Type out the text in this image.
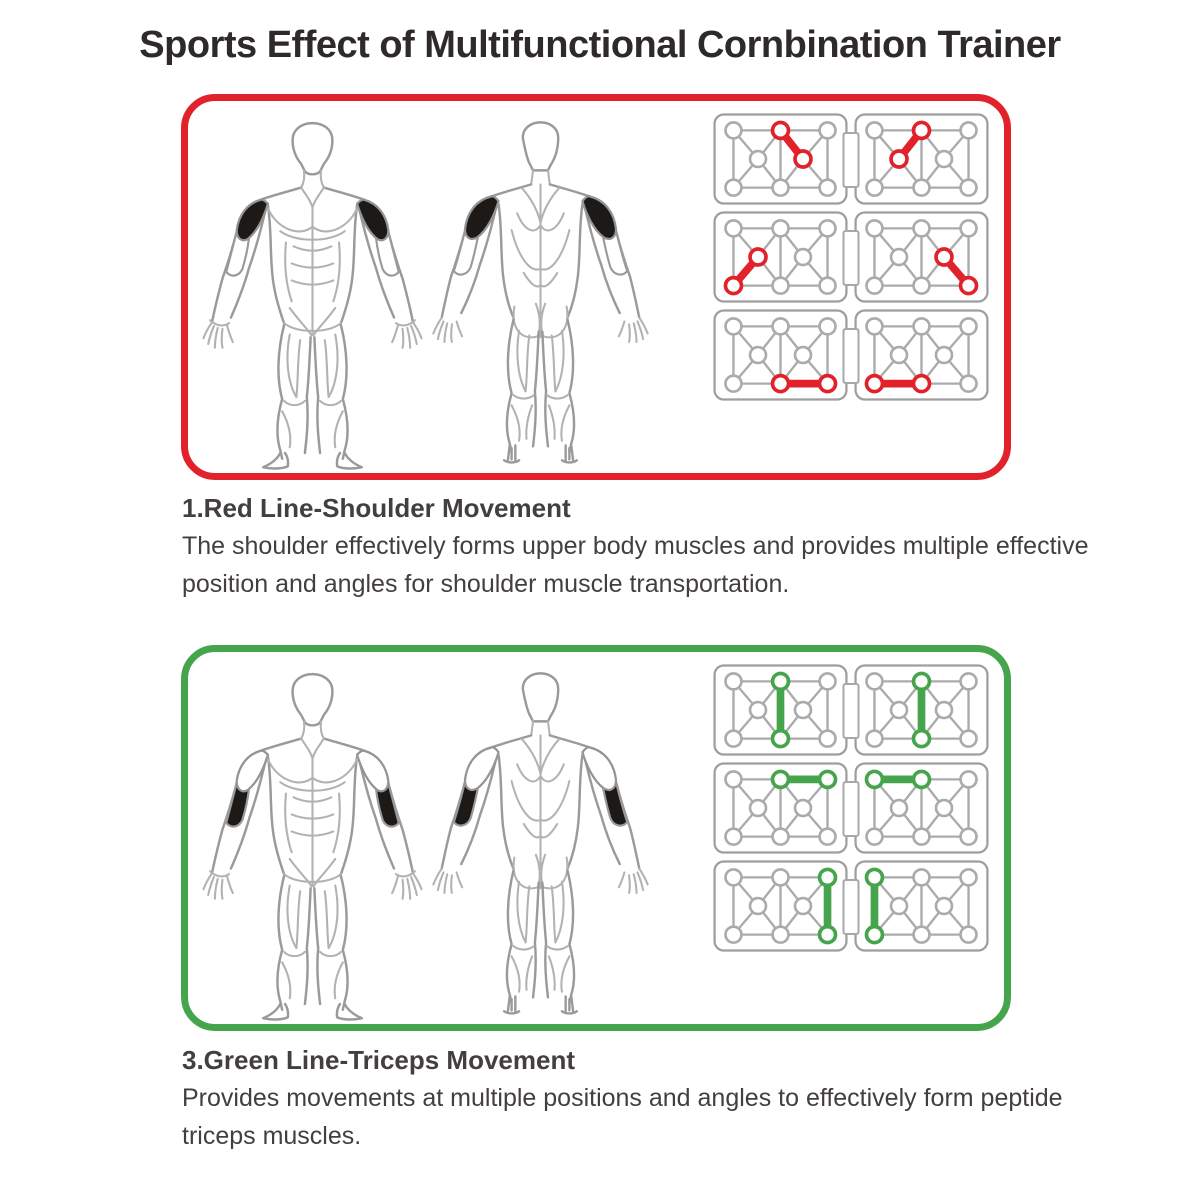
Sports Effect of Multifunctional Cornbination Trainer
1.Red Line-Shoulder Movement

The shoulder effectively forms upper body muscles and provides multiple effective position and angles for shoulder muscle transportation.

3.Green Line-Triceps Movement

Provides movements at multiple positions and angles to effectively form peptide triceps muscles.
